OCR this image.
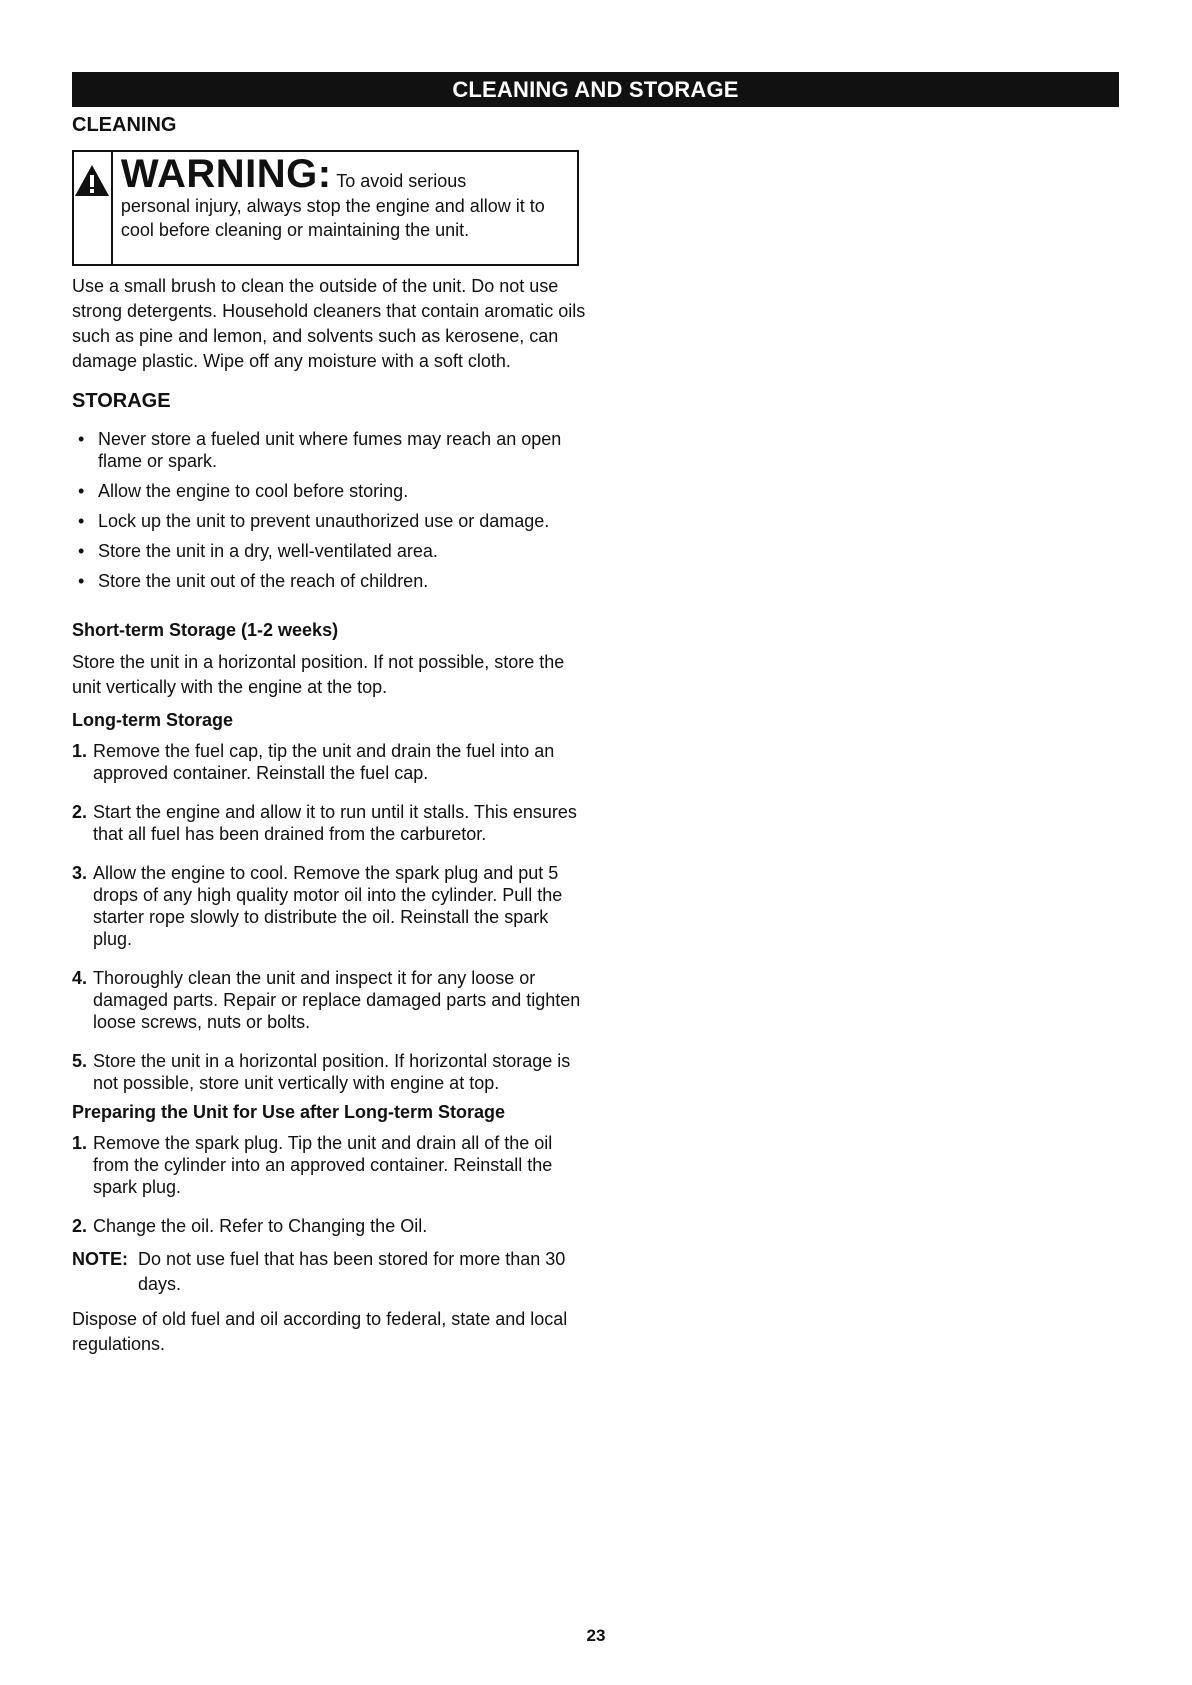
CLEANING AND STORAGE
CLEANING
WARNING: To avoid serious
personal injury, always stop the engine and allow it to cool before cleaning or maintaining the unit.

Use a small brush to clean the outside of the unit. Do not use strong detergents. Household cleaners that contain aromatic oils such as pine and lemon, and solvents such as kerosene, can damage plastic. Wipe off any moisture with a soft cloth.

STORAGE
• Never store a fueled unit where fumes may reach an open flame or spark.
• Allow the engine to cool before storing.
• Lock up the unit to prevent unauthorized use or damage.
• Store the unit in a dry, well-ventilated area.
• Store the unit out of the reach of children.
Short-term Storage (1-2 weeks)

Store the unit in a horizontal position. If not possible, store the unit vertically with the engine at the top.

Long-term Storage
1. Remove the fuel cap, tip the unit and drain the fuel into an approved container. Reinstall the fuel cap.
2. Start the engine and allow it to run until it stalls. This ensures that all fuel has been drained from the carburetor.
3. Allow the engine to cool. Remove the spark plug and put 5 drops of any high quality motor oil into the cylinder. Pull the starter rope slowly to distribute the oil. Reinstall the spark plug.
4. Thoroughly clean the unit and inspect it for any loose or damaged parts. Repair or replace damaged parts and tighten loose screws, nuts or bolts.
5. Store the unit in a horizontal position. If horizontal storage is not possible, store unit vertically with engine at top.
Preparing the Unit for Use after Long-term Storage
1. Remove the spark plug. Tip the unit and drain all of the oil from the cylinder into an approved container. Reinstall the spark plug.
2. Change the oil. Refer to Changing the Oil.
NOTE: Do not use fuel that has been stored for more than 30 days.

Dispose of old fuel and oil according to federal, state and local regulations.

23
